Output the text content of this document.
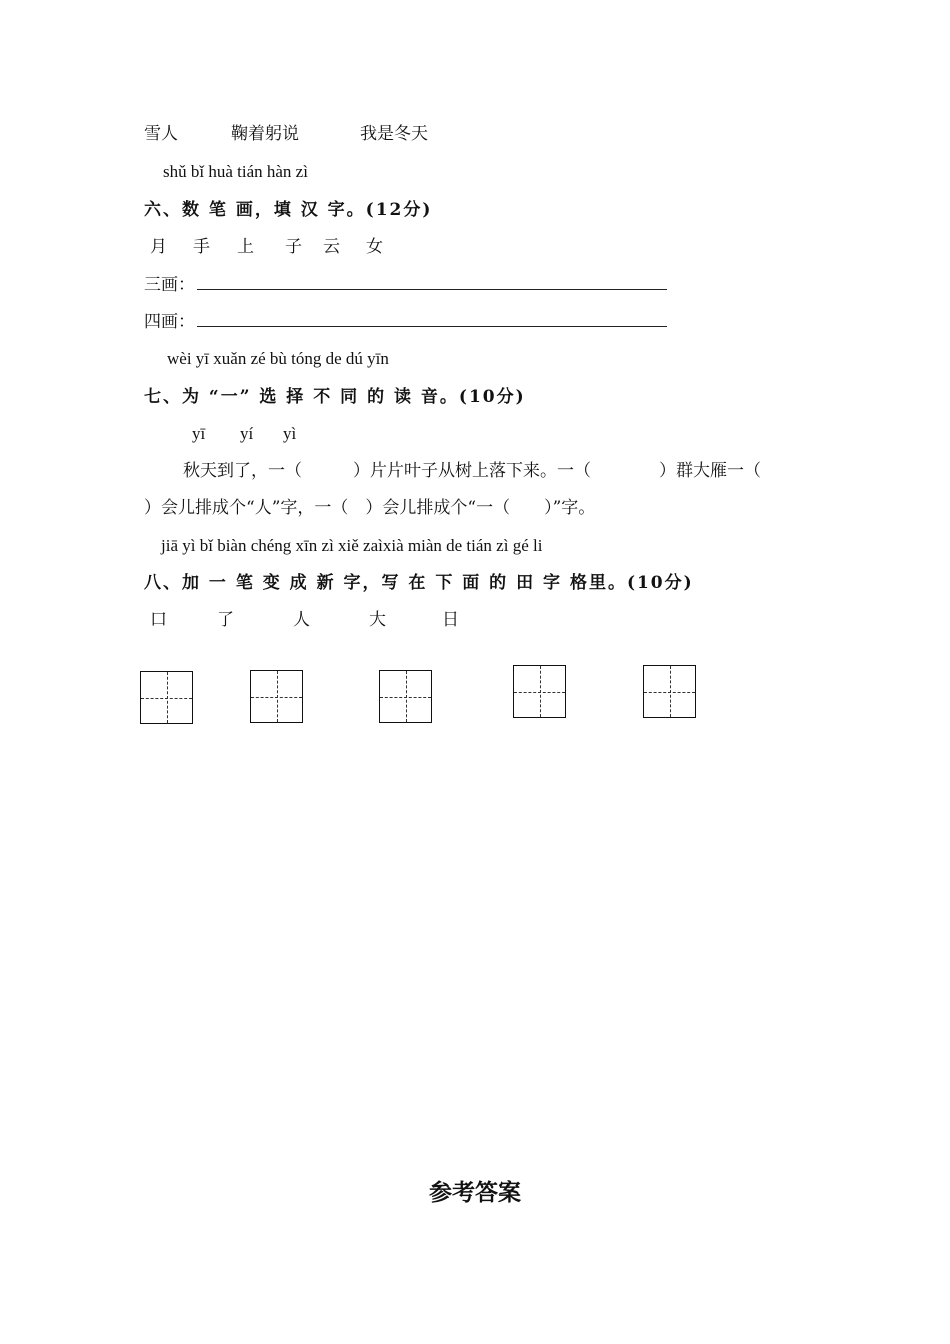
雪人	鞠着躬说	我是冬天
shǔ bǐ huà tián hàn zì
六、数 笔 画，填 汉 字。(12分)
月 手 上 子 云 女
三画：
四画：
wèi yī xuǎn zé bù tóng de dú yīn
七、为 “一” 选 择 不 同 的 读 音。(10分)
yī yí yì
秋天到了，一（　　　）片片叶子从树上落下来。一（　　　　）群大雁一（
）会儿排成个“人”字，一（　）会儿排成个“一（　　）”字。
jiā yì bǐ biàn chéng xīn zì xiě zaìxià miàn de tián zì gé li
八、加 一 笔 变 成 新 字，写 在 下 面 的 田 字 格里。(10分)
口	了	人	大	日
参考答案
